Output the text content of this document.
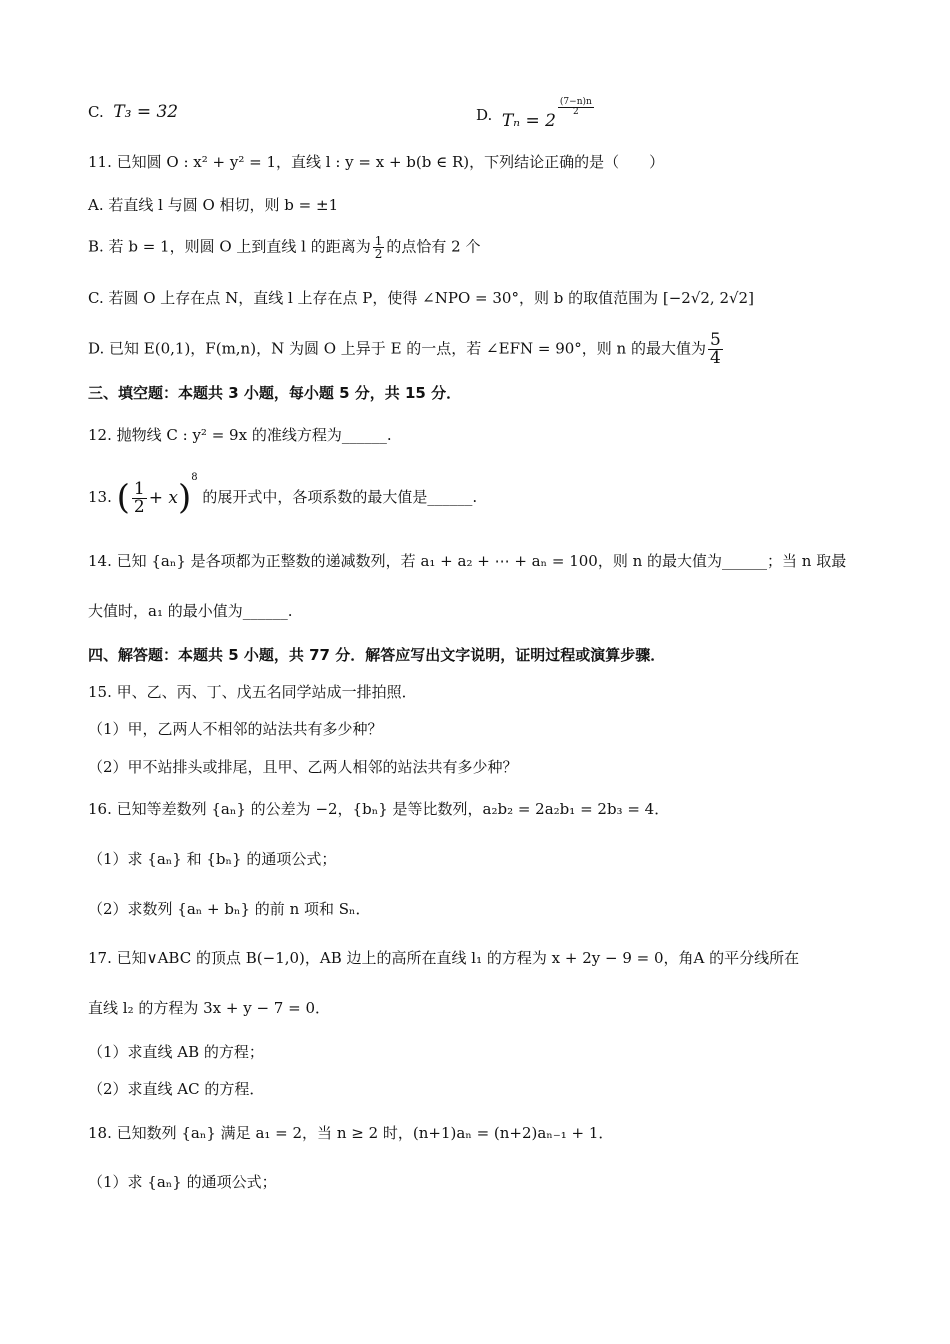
C. T₃ = 32	D. Tₙ = 2
$\frac{(7-n)n}{2}$
11. 已知圆 O : x² + y² = 1，直线 l : y = x + b(b ∈ R)，下列结论正确的是（　　）
A. 若直线 l 与圆 O 相切，则 b = ±1
B. 若 b = 1，则圆 O 上到直线 l 的距离为 $\frac{1}{2}$ 的点恰有 2 个
C. 若圆 O 上存在点 N，直线 l 上存在点 P，使得 ∠NPO = 30°，则 b 的取值范围为 [−2√2, 2√2]
D. 已知 E(0,1)，F(m,n)，N 为圆 O 上异于 E 的一点，若 ∠EFN = 90°，则 n 的最大值为 $\frac{5}{4}$
三、填空题：本题共 3 小题，每小题 5 分，共 15 分．
12. 抛物线 C : y² = 9x 的准线方程为______.
13. ( $\frac{1}{2} + x)^8$ 的展开式中，各项系数的最大值是______.
14. 已知 {aₙ} 是各项都为正整数的递减数列，若 a₁ + a₂ + ⋯ + aₙ = 100，则 n 的最大值为______；当 n 取最
大值时，a₁ 的最小值为______.
四、解答题：本题共 5 小题，共 77 分．解答应写出文字说明，证明过程或演算步骤．
15. 甲、乙、丙、丁、戊五名同学站成一排拍照．
（1）甲，乙两人不相邻的站法共有多少种？
（2）甲不站排头或排尾，且甲、乙两人相邻的站法共有多少种？
16. 已知等差数列 {aₙ} 的公差为 −2，{bₙ} 是等比数列，a₂b₂ = 2a₂b₁ = 2b₃ = 4．
（1）求 {aₙ} 和 {bₙ} 的通项公式；
（2）求数列 {aₙ + bₙ} 的前 n 项和 Sₙ．
17. 已知∨ABC 的顶点 B(−1,0)，AB 边上的高所在直线 l₁ 的方程为 x + 2y − 9 = 0，角A 的平分线所在
直线 l₂ 的方程为 3x + y − 7 = 0．
（1）求直线 AB 的方程；
（2）求直线 AC 的方程．
18. 已知数列 {aₙ} 满足 a₁ = 2，当 n ≥ 2 时，(n+1)aₙ = (n+2)aₙ₋₁ + 1．
（1）求 {aₙ} 的通项公式；
